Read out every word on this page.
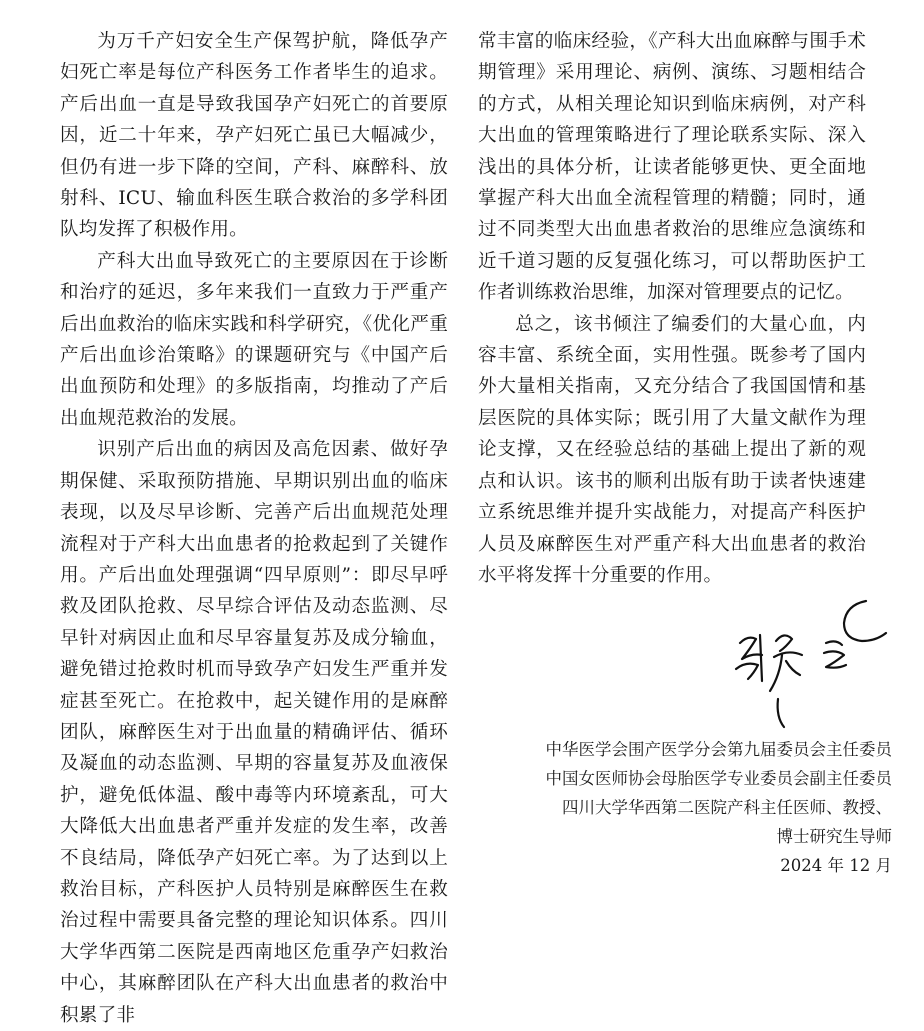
为万千产妇安全生产保驾护航，降低孕产妇死亡率是每位产科医务工作者毕生的追求。产后出血一直是导致我国孕产妇死亡的首要原因，近二十年来，孕产妇死亡虽已大幅减少，但仍有进一步下降的空间，产科、麻醉科、放射科、ICU、输血科医生联合救治的多学科团队均发挥了积极作用。

产科大出血导致死亡的主要原因在于诊断和治疗的延迟，多年来我们一直致力于严重产后出血救治的临床实践和科学研究，《优化严重产后出血诊治策略》的课题研究与《中国产后出血预防和处理》的多版指南，均推动了产后出血规范救治的发展。

识别产后出血的病因及高危因素、做好孕期保健、采取预防措施、早期识别出血的临床表现，以及尽早诊断、完善产后出血规范处理流程对于产科大出血患者的抢救起到了关键作用。产后出血处理强调“四早原则”：即尽早呼救及团队抢救、尽早综合评估及动态监测、尽早针对病因止血和尽早容量复苏及成分输血，避免错过抢救时机而导致孕产妇发生严重并发症甚至死亡。在抢救中，起关键作用的是麻醉团队，麻醉医生对于出血量的精确评估、循环及凝血的动态监测、早期的容量复苏及血液保护，避免低体温、酸中毒等内环境紊乱，可大大降低大出血患者严重并发症的发生率，改善不良结局，降低孕产妇死亡率。为了达到以上救治目标，产科医护人员特别是麻醉医生在救治过程中需要具备完整的理论知识体系。四川大学华西第二医院是西南地区危重孕产妇救治中心，其麻醉团队在产科大出血患者的救治中积累了非

常丰富的临床经验，《产科大出血麻醉与围手术期管理》采用理论、病例、演练、习题相结合的方式，从相关理论知识到临床病例，对产科大出血的管理策略进行了理论联系实际、深入浅出的具体分析，让读者能够更快、更全面地掌握产科大出血全流程管理的精髓；同时，通过不同类型大出血患者救治的思维应急演练和近千道习题的反复强化练习，可以帮助医护工作者训练救治思维，加深对管理要点的记忆。

总之，该书倾注了编委们的大量心血，内容丰富、系统全面，实用性强。既参考了国内外大量相关指南，又充分结合了我国国情和基层医院的具体实际；既引用了大量文献作为理论支撑，又在经验总结的基础上提出了新的观点和认识。该书的顺利出版有助于读者快速建立系统思维并提升实战能力，对提高产科医护人员及麻醉医生对严重产科大出血患者的救治水平将发挥十分重要的作用。

中华医学会围产医学分会第九届委员会主任委员
中国女医师协会母胎医学专业委员会副主任委员
四川大学华西第二医院产科主任医师、教授、
博士研究生导师
2024 年 12 月
